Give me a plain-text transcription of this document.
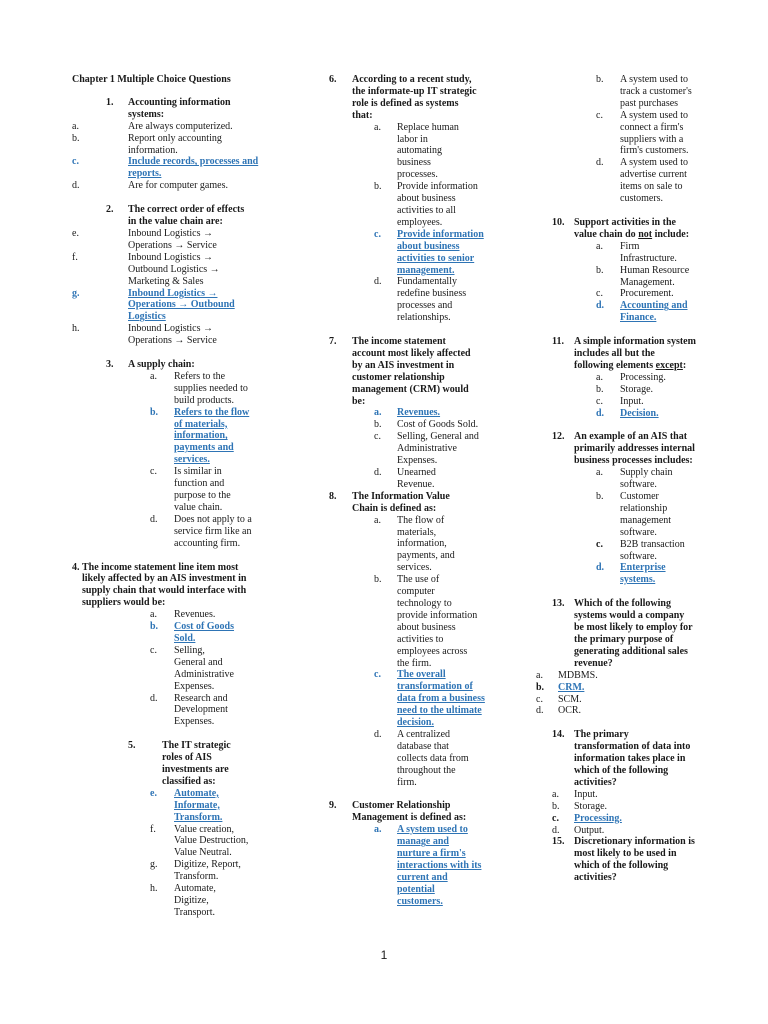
Chapter 1 Multiple Choice Questions
1.	Accounting information systems:
a.	Are always computerized.
b.	Report only accounting information.
c.	Include records, processes and reports.
d.	Are for computer games.
2.	The correct order of effects in the value chain are:
e.	Inbound Logistics → Operations → Service
f.	Inbound Logistics → Outbound Logistics → Marketing & Sales
g.	Inbound Logistics → Operations → Outbound Logistics
h.	Inbound Logistics → Operations → Service
3.	A supply chain:
a.	Refers to the supplies needed to build products.
b.	Refers to the flow of materials, information, payments and services.
c.	Is similar in function and purpose to the value chain.
d.	Does not apply to a service firm like an accounting firm.
4. The income statement line item most likely affected by an AIS investment in supply chain that would interface with suppliers would be:
a.	Revenues.
b.	Cost of Goods Sold.
c.	Selling, General and Administrative Expenses.
d.	Research and Development Expenses.
5.	The IT strategic roles of AIS investments are classified as:
e.	Automate, Informate, Transform.
f.	Value creation, Value Destruction, Value Neutral.
g.	Digitize, Report, Transform.
h.	Automate, Digitize, Transport.
6.	According to a recent study, the informate-up IT strategic role is defined as systems that:
a.	Replace human labor in automating business processes.
b.	Provide information about business activities to all employees.
c.	Provide information about business activities to senior management.
d.	Fundamentally redefine business processes and relationships.
7.	The income statement account most likely affected by an AIS investment in customer relationship management (CRM) would be:
a.	Revenues.
b.	Cost of Goods Sold.
c.	Selling, General and Administrative Expenses.
d.	Unearned Revenue.
8.	The Information Value Chain is defined as:
a.	The flow of materials, information, payments, and services.
b.	The use of computer technology to provide information about business activities to employees across the firm.
c.	The overall transformation of data from a business need to the ultimate decision.
d.	A centralized database that collects data from throughout the firm.
9.	Customer Relationship Management is defined as:
a.	A system used to manage and nurture a firm's interactions with its current and potential customers.
b.	A system used to track a customer's past purchases
c.	A system used to connect a firm's suppliers with a firm's customers.
d.	A system used to advertise current items on sale to customers.
10. Support activities in the value chain do not include:
a.	Firm Infrastructure.
b.	Human Resource Management.
c.	Procurement.
d.	Accounting and Finance.
11.	A simple information system includes all but the following elements except:
a.	Processing.
b.	Storage.
c.	Input.
d.	Decision.
12. An example of an AIS that primarily addresses internal business processes includes:
a.	Supply chain software.
b.	Customer relationship management software.
c.	B2B transaction software.
d.	Enterprise systems.
13. Which of the following systems would a company be most likely to employ for the primary purpose of generating additional sales revenue?
a.	MDBMS.
b.	CRM.
c.	SCM.
d.	OCR.
14. The primary transformation of data into information takes place in which of the following activities?
a.	Input.
b.	Storage.
c.	Processing.
d.	Output.
15. Discretionary information is most likely to be used in which of the following activities?
1
